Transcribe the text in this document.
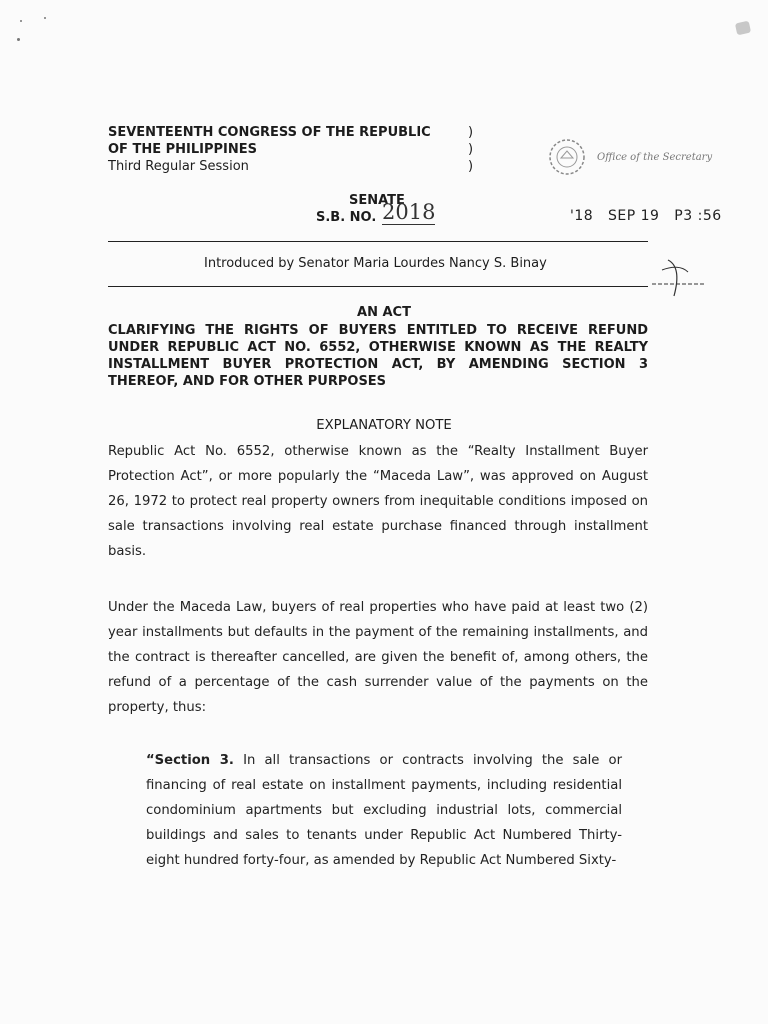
SEVENTEENTH CONGRESS OF THE REPUBLIC
OF THE PHILIPPINES
Third Regular Session
)
)
)
Office of the Secretary
SENATE
S.B. NO. 2018	'18   SEP 19   P3 :56
Introduced by Senator Maria Lourdes Nancy S. Binay
AN ACT
CLARIFYING THE RIGHTS OF BUYERS ENTITLED TO RECEIVE REFUND UNDER REPUBLIC ACT NO. 6552, OTHERWISE KNOWN AS THE REALTY INSTALLMENT BUYER PROTECTION ACT, BY AMENDING SECTION 3 THEREOF, AND FOR OTHER PURPOSES
EXPLANATORY NOTE
Republic Act No. 6552, otherwise known as the “Realty Installment Buyer Protection Act”, or more popularly the “Maceda Law”, was approved on August 26, 1972 to protect real property owners from inequitable conditions imposed on sale transactions involving real estate purchase financed through installment basis.
Under the Maceda Law, buyers of real properties who have paid at least two (2) year installments but defaults in the payment of the remaining installments, and the contract is thereafter cancelled, are given the benefit of, among others, the refund of a percentage of the cash surrender value of the payments on the property, thus:
“Section 3. In all transactions or contracts involving the sale or financing of real estate on installment payments, including residential condominium apartments but excluding industrial lots, commercial buildings and sales to tenants under Republic Act Numbered Thirty-eight hundred forty-four, as amended by Republic Act Numbered Sixty-
